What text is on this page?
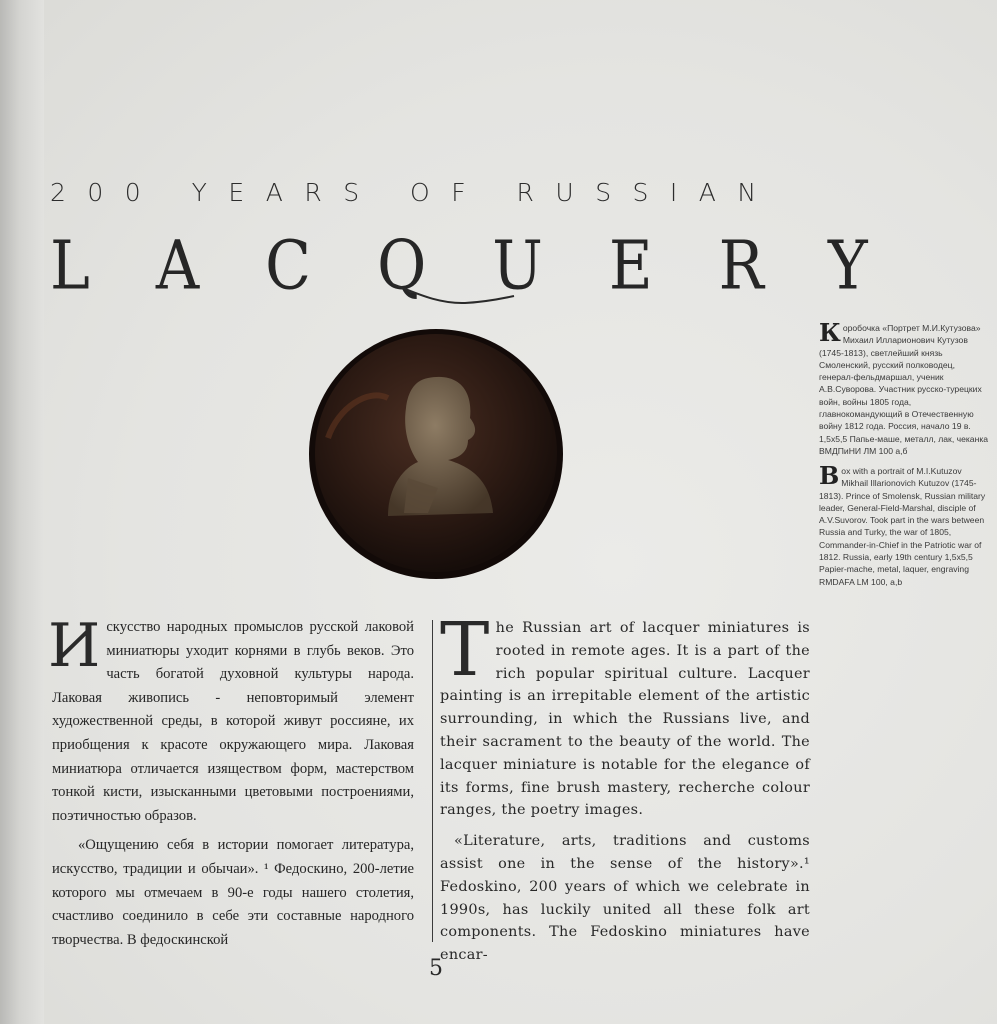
200 YEARS OF RUSSIAN
LACQUERY
Коробочка «Портрет М.И.Кутузова» Михаил Илларионович Кутузов (1745-1813), светлейший князь Смоленский, русский полководец, генерал-фельдмаршал, ученик А.В.Суворова. Участник русско-турецких войн, войны 1805 года, главнокомандующий в Отечественную войну 1812 года. Россия, начало 19 в. 1,5х5,5 Папье-маше, металл, лак, чеканка ВМДПиНИ ЛМ 100 а,б
Box with a portrait of M.I.Kutuzov Mikhail Illarionovich Kutuzov (1745-1813). Prince of Smolensk, Russian military leader, General-Field-Marshal, disciple of A.V.Suvorov. Took part in the wars between Russia and Turky, the war of 1805, Commander-in-Chief in the Patriotic war of 1812. Russia, early 19th century 1,5x5,5 Papier-mache, metal, laquer, engraving RMDAFA LM 100, a,b

Искусство народных промыслов русской лаковой миниатюры уходит корнями в глубь веков. Это часть богатой духовной культуры народа. Лаковая живопись - неповторимый элемент художественной среды, в которой живут россияне, их приобщения к красоте окружающего мира. Лаковая миниатюра отличается изяществом форм, мастерством тонкой кисти, изысканными цветовыми построениями, поэтичностью образов.

«Ощущению себя в истории помогает литература, искусство, традиции и обычаи». ¹ Федоскино, 200-летие которого мы отмечаем в 90-е годы нашего столетия, счастливо соединило в себе эти составные народного творчества. В федоскинской

The Russian art of lacquer miniatures is rooted in remote ages. It is a part of the rich popular spiritual culture. Lacquer painting is an irrepitable element of the artistic surrounding, in which the Russians live, and their sacrament to the beauty of the world. The lacquer miniature is notable for the elegance of its forms, fine brush mastery, recherche colour ranges, the poetry images.

«Literature, arts, traditions and customs assist one in the sense of the history».¹ Fedoskino, 200 years of which we celebrate in 1990s, has luckily united all these folk art components. The Fedoskino miniatures have encar-

5
